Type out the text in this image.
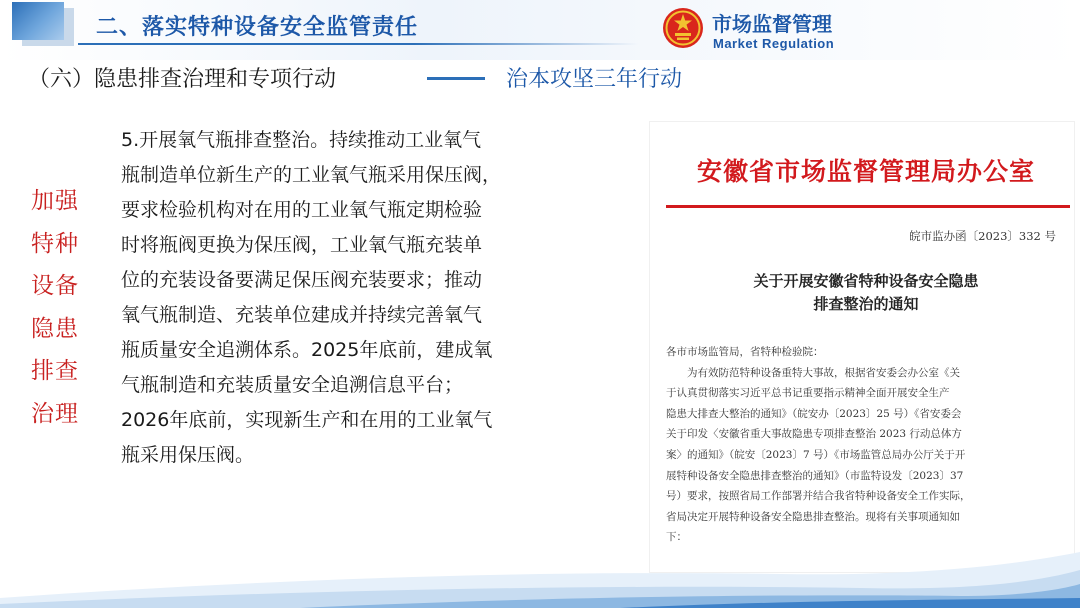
二、落实特种设备安全监管责任	市场监督管理
Market Regulation
（六）隐患排查治理和专项行动	治本攻坚三年行动
加强
特种
设备
隐患
排查
治理
5.开展氧气瓶排查整治。持续推动工业氧气
瓶制造单位新生产的工业氧气瓶采用保压阀，
要求检验机构对在用的工业氧气瓶定期检验
时将瓶阀更换为保压阀，工业氧气瓶充装单
位的充装设备要满足保压阀充装要求；推动
氧气瓶制造、充装单位建成并持续完善氧气
瓶质量安全追溯体系。2025年底前，建成氧
气瓶制造和充装质量安全追溯信息平台；
2026年底前，实现新生产和在用的工业氧气
瓶采用保压阀。
安徽省市场监督管理局办公室
皖市监办函〔2023〕332 号
关于开展安徽省特种设备安全隐患
排查整治的通知
各市市场监管局，省特种检验院：
　　为有效防范特种设备重特大事故，根据省安委会办公室《关
于认真贯彻落实习近平总书记重要指示精神全面开展安全生产
隐患大排查大整治的通知》（皖安办〔2023〕25 号）《省安委会
关于印发〈安徽省重大事故隐患专项排查整治 2023 行动总体方
案〉的通知》（皖安〔2023〕7 号）《市场监管总局办公厅关于开
展特种设备安全隐患排查整治的通知》（市监特设发〔2023〕37
号）要求，按照省局工作部署并结合我省特种设备安全工作实际，
省局决定开展特种设备安全隐患排查整治。现将有关事项通知如
下：
